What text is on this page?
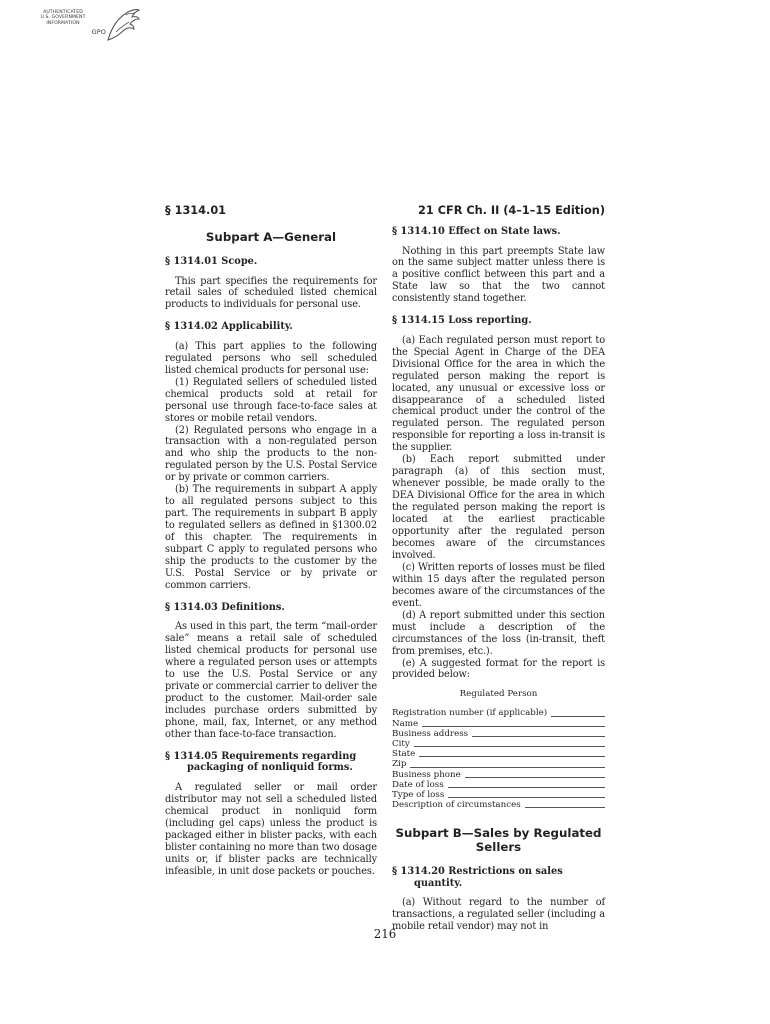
AUTHENTICATED
U.S. GOVERNMENT
INFORMATION
GPO
§ 1314.01	21 CFR Ch. II (4–1–15 Edition)
Subpart A—General
§ 1314.01 Scope.

This part specifies the requirements for retail sales of scheduled listed chemical products to individuals for personal use.

§ 1314.02 Applicability.

(a) This part applies to the following regulated persons who sell scheduled listed chemical products for personal use:

(1) Regulated sellers of scheduled listed chemical products sold at retail for personal use through face-to-face sales at stores or mobile retail vendors.

(2) Regulated persons who engage in a transaction with a non-regulated person and who ship the products to the non-regulated person by the U.S. Postal Service or by private or common carriers.

(b) The requirements in subpart A apply to all regulated persons subject to this part. The requirements in subpart B apply to regulated sellers as defined in §1300.02 of this chapter. The requirements in subpart C apply to regulated persons who ship the products to the customer by the U.S. Postal Service or by private or common carriers.

§ 1314.03 Definitions.

As used in this part, the term “mail-order sale” means a retail sale of scheduled listed chemical products for personal use where a regulated person uses or attempts to use the U.S. Postal Service or any private or commercial carrier to deliver the product to the customer. Mail-order sale includes purchase orders submitted by phone, mail, fax, Internet, or any method other than face-to-face transaction.

§ 1314.05 Requirements regarding packaging of nonliquid forms.

A regulated seller or mail order distributor may not sell a scheduled listed chemical product in nonliquid form (including gel caps) unless the product is packaged either in blister packs, with each blister containing no more than two dosage units or, if blister packs are technically infeasible, in unit dose packets or pouches.

§ 1314.10 Effect on State laws.

Nothing in this part preempts State law on the same subject matter unless there is a positive conflict between this part and a State law so that the two cannot consistently stand together.

§ 1314.15 Loss reporting.

(a) Each regulated person must report to the Special Agent in Charge of the DEA Divisional Office for the area in which the regulated person making the report is located, any unusual or excessive loss or disappearance of a scheduled listed chemical product under the control of the regulated person. The regulated person responsible for reporting a loss in-transit is the supplier.

(b) Each report submitted under paragraph (a) of this section must, whenever possible, be made orally to the DEA Divisional Office for the area in which the regulated person making the report is located at the earliest practicable opportunity after the regulated person becomes aware of the circumstances involved.

(c) Written reports of losses must be filed within 15 days after the regulated person becomes aware of the circumstances of the event.

(d) A report submitted under this section must include a description of the circumstances of the loss (in-transit, theft from premises, etc.).

(e) A suggested format for the report is provided below:

Regulated Person
Registration number (if applicable)
Name
Business address
City
State
Zip
Business phone
Date of loss
Type of loss
Description of circumstances
Subpart B—Sales by Regulated Sellers
§ 1314.20 Restrictions on sales quantity.

(a) Without regard to the number of transactions, a regulated seller (including a mobile retail vendor) may not in

216
